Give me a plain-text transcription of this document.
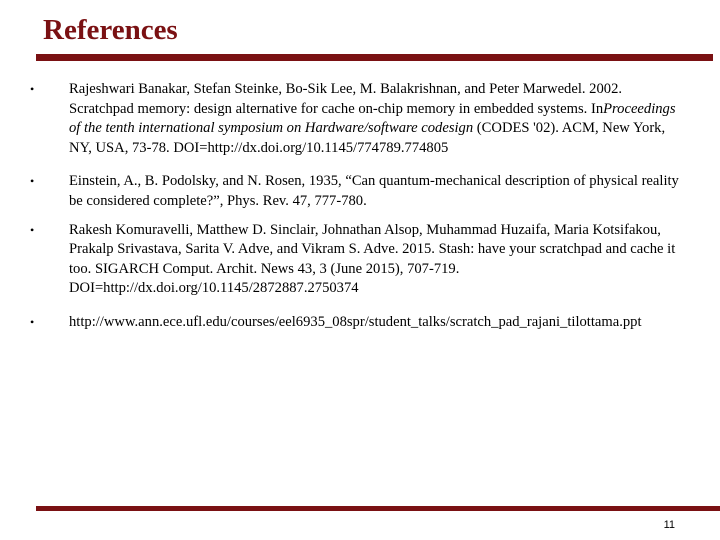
References
• Rajeshwari Banakar, Stefan Steinke, Bo-Sik Lee, M. Balakrishnan, and Peter Marwedel. 2002. Scratchpad memory: design alternative for cache on-chip memory in embedded systems. InProceedings of the tenth international symposium on Hardware/software codesign (CODES '02). ACM, New York, NY, USA, 73-78. DOI=http://dx.doi.org/10.1145/774789.774805
• Einstein, A., B. Podolsky, and N. Rosen, 1935, “Can quantum-mechanical description of physical reality be considered complete?”, Phys. Rev. 47, 777-780.
• Rakesh Komuravelli, Matthew D. Sinclair, Johnathan Alsop, Muhammad Huzaifa, Maria Kotsifakou, Prakalp Srivastava, Sarita V. Adve, and Vikram S. Adve. 2015. Stash: have your scratchpad and cache it too. SIGARCH Comput. Archit. News 43, 3 (June 2015), 707-719. DOI=http://dx.doi.org/10.1145/2872887.2750374
• http://www.ann.ece.ufl.edu/courses/eel6935_08spr/student_talks/scratch_pad_rajani_tilottama.ppt
11
